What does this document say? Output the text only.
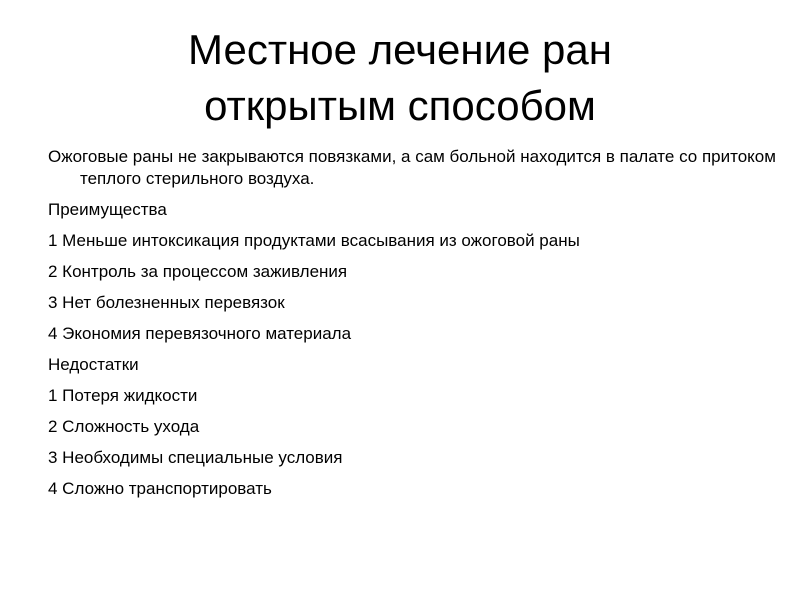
Местное лечение ран
открытым способом

Ожоговые раны не закрываются повязками, а сам больной находится в палате со притоком теплого стерильного воздуха.

Преимущества
1 Меньше интоксикация продуктами всасывания из ожоговой раны
2 Контроль за процессом заживления
3 Нет болезненных перевязок
4 Экономия перевязочного материала
Недостатки
1 Потеря жидкости
2 Сложность ухода
3 Необходимы специальные условия
4 Сложно транспортировать
